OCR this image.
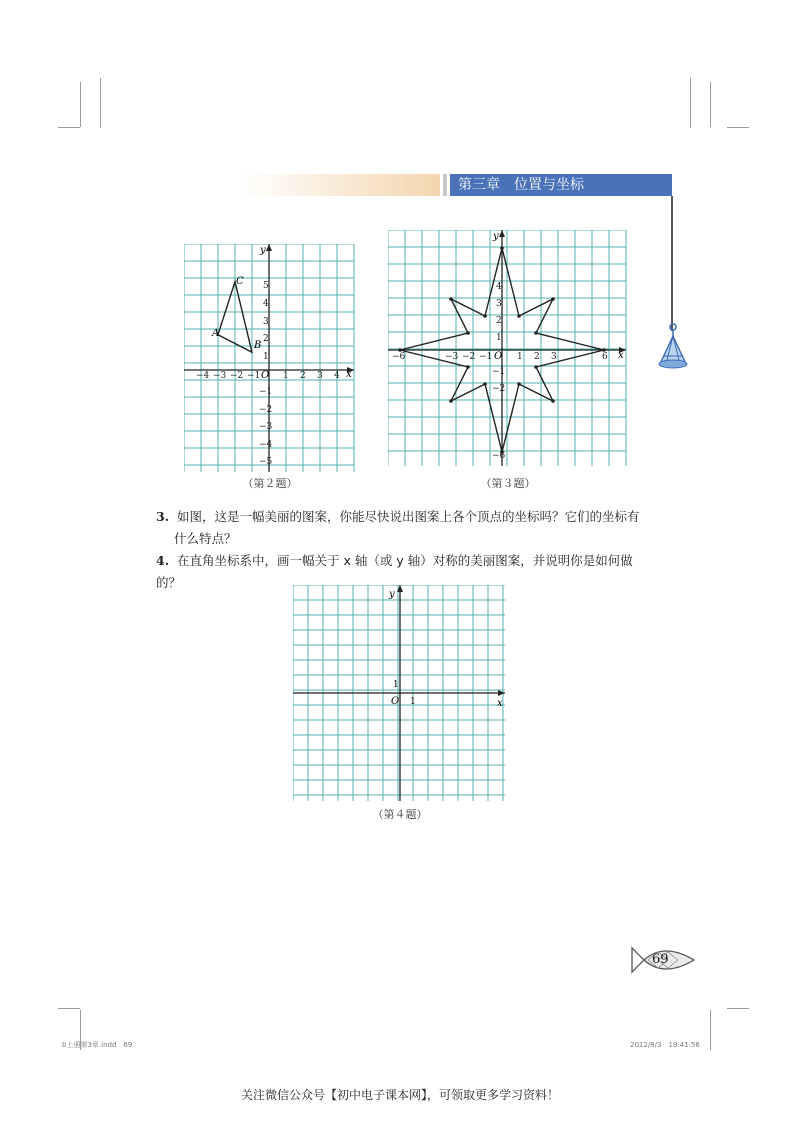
第三章　位置与坐标
A
B
C
y
x
O
−4 −3 −2 −1	1 2 3 4
1
2
3
4
5
−1
−2
−3
−4
−5
（第２题）
y
x
O
−6	−3 −2 −1	1 2 3	6
1
2
3
4
−1
−2
−6
（第３题）
3. 如图，这是一幅美丽的图案，你能尽快说出图案上各个顶点的坐标吗？它们的坐标有
什么特点？
4. 在直角坐标系中，画一幅关于 x 轴（或 y 轴）对称的美丽图案，并说明你是如何做的？
y
x
O 1
1
（第４题）
69
b上册第3章.indd　69	2012/8/3　19:41:56
关注微信公众号【初中电子课本网】，可领取更多学习资料！
